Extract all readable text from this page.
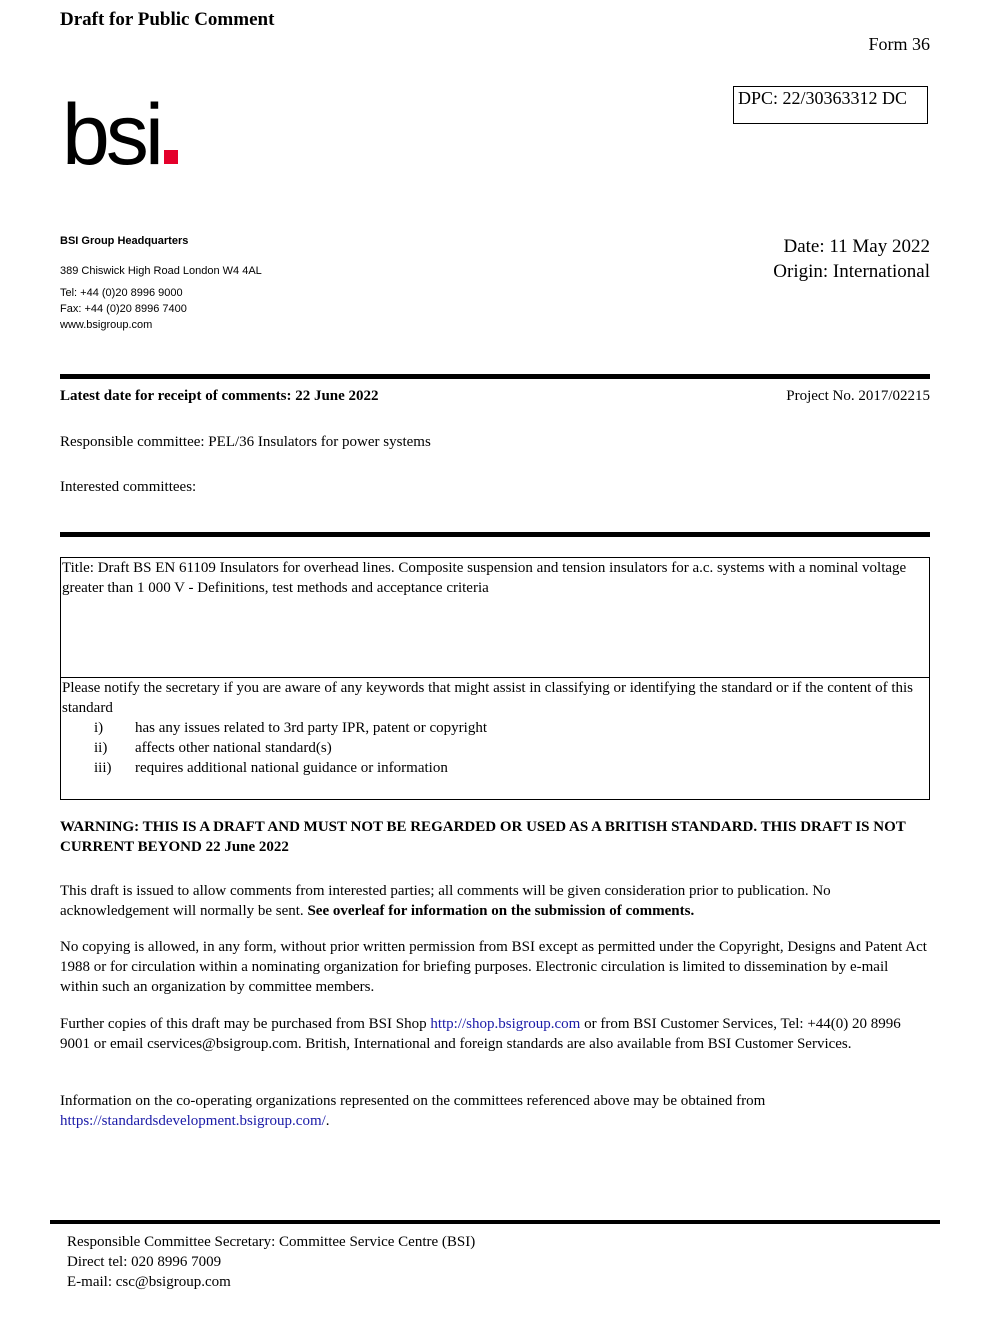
Draft for Public Comment
Form 36
DPC: 22/30363312 DC
bsi
BSI Group Headquarters
389 Chiswick High Road London W4 4AL
Tel: +44 (0)20 8996 9000
Fax: +44 (0)20 8996 7400
www.bsigroup.com
Date: 11 May 2022
Origin: International
Latest date for receipt of comments: 22 June 2022	Project No. 2017/02215
Responsible committee: PEL/36 Insulators for power systems
Interested committees:
Title: Draft BS EN 61109 Insulators for overhead lines. Composite suspension and tension insulators for a.c. systems with a nominal voltage greater than 1 000 V - Definitions, test methods and acceptance criteria
Please notify the secretary if you are aware of any keywords that might assist in classifying or identifying the standard or if the content of this standard
i)	has any issues related to 3rd party IPR, patent or copyright
ii)	affects other national standard(s)
iii)	requires additional national guidance or information
WARNING: THIS IS A DRAFT AND MUST NOT BE REGARDED OR USED AS A BRITISH STANDARD. THIS DRAFT IS NOT CURRENT BEYOND 22 June 2022
This draft is issued to allow comments from interested parties; all comments will be given consideration prior to publication. No acknowledgement will normally be sent. See overleaf for information on the submission of comments.
No copying is allowed, in any form, without prior written permission from BSI except as permitted under the Copyright, Designs and Patent Act 1988 or for circulation within a nominating organization for briefing purposes. Electronic circulation is limited to dissemination by e-mail within such an organization by committee members.
Further copies of this draft may be purchased from BSI Shop http://shop.bsigroup.com or from BSI Customer Services, Tel: +44(0) 20 8996 9001 or email cservices@bsigroup.com. British, International and foreign standards are also available from BSI Customer Services.
Information on the co-operating organizations represented on the committees referenced above may be obtained from https://standardsdevelopment.bsigroup.com/.
Responsible Committee Secretary: Committee Service Centre (BSI)
Direct tel: 020 8996 7009
E-mail: csc@bsigroup.com
